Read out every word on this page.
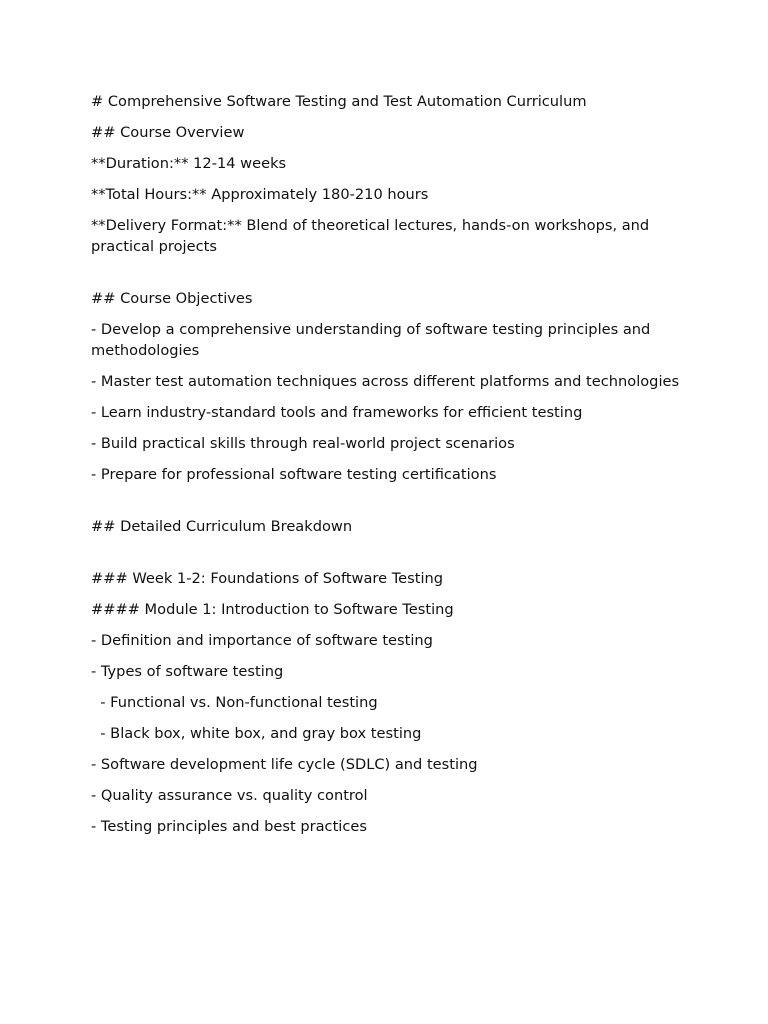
# Comprehensive Software Testing and Test Automation Curriculum
## Course Overview
**Duration:** 12-14 weeks
**Total Hours:** Approximately 180-210 hours
**Delivery Format:** Blend of theoretical lectures, hands-on workshops, and practical projects
## Course Objectives
- Develop a comprehensive understanding of software testing principles and methodologies
- Master test automation techniques across different platforms and technologies
- Learn industry-standard tools and frameworks for efficient testing
- Build practical skills through real-world project scenarios
- Prepare for professional software testing certifications
## Detailed Curriculum Breakdown
### Week 1-2: Foundations of Software Testing
#### Module 1: Introduction to Software Testing
- Definition and importance of software testing
- Types of software testing
- Functional vs. Non-functional testing
- Black box, white box, and gray box testing
- Software development life cycle (SDLC) and testing
- Quality assurance vs. quality control
- Testing principles and best practices
